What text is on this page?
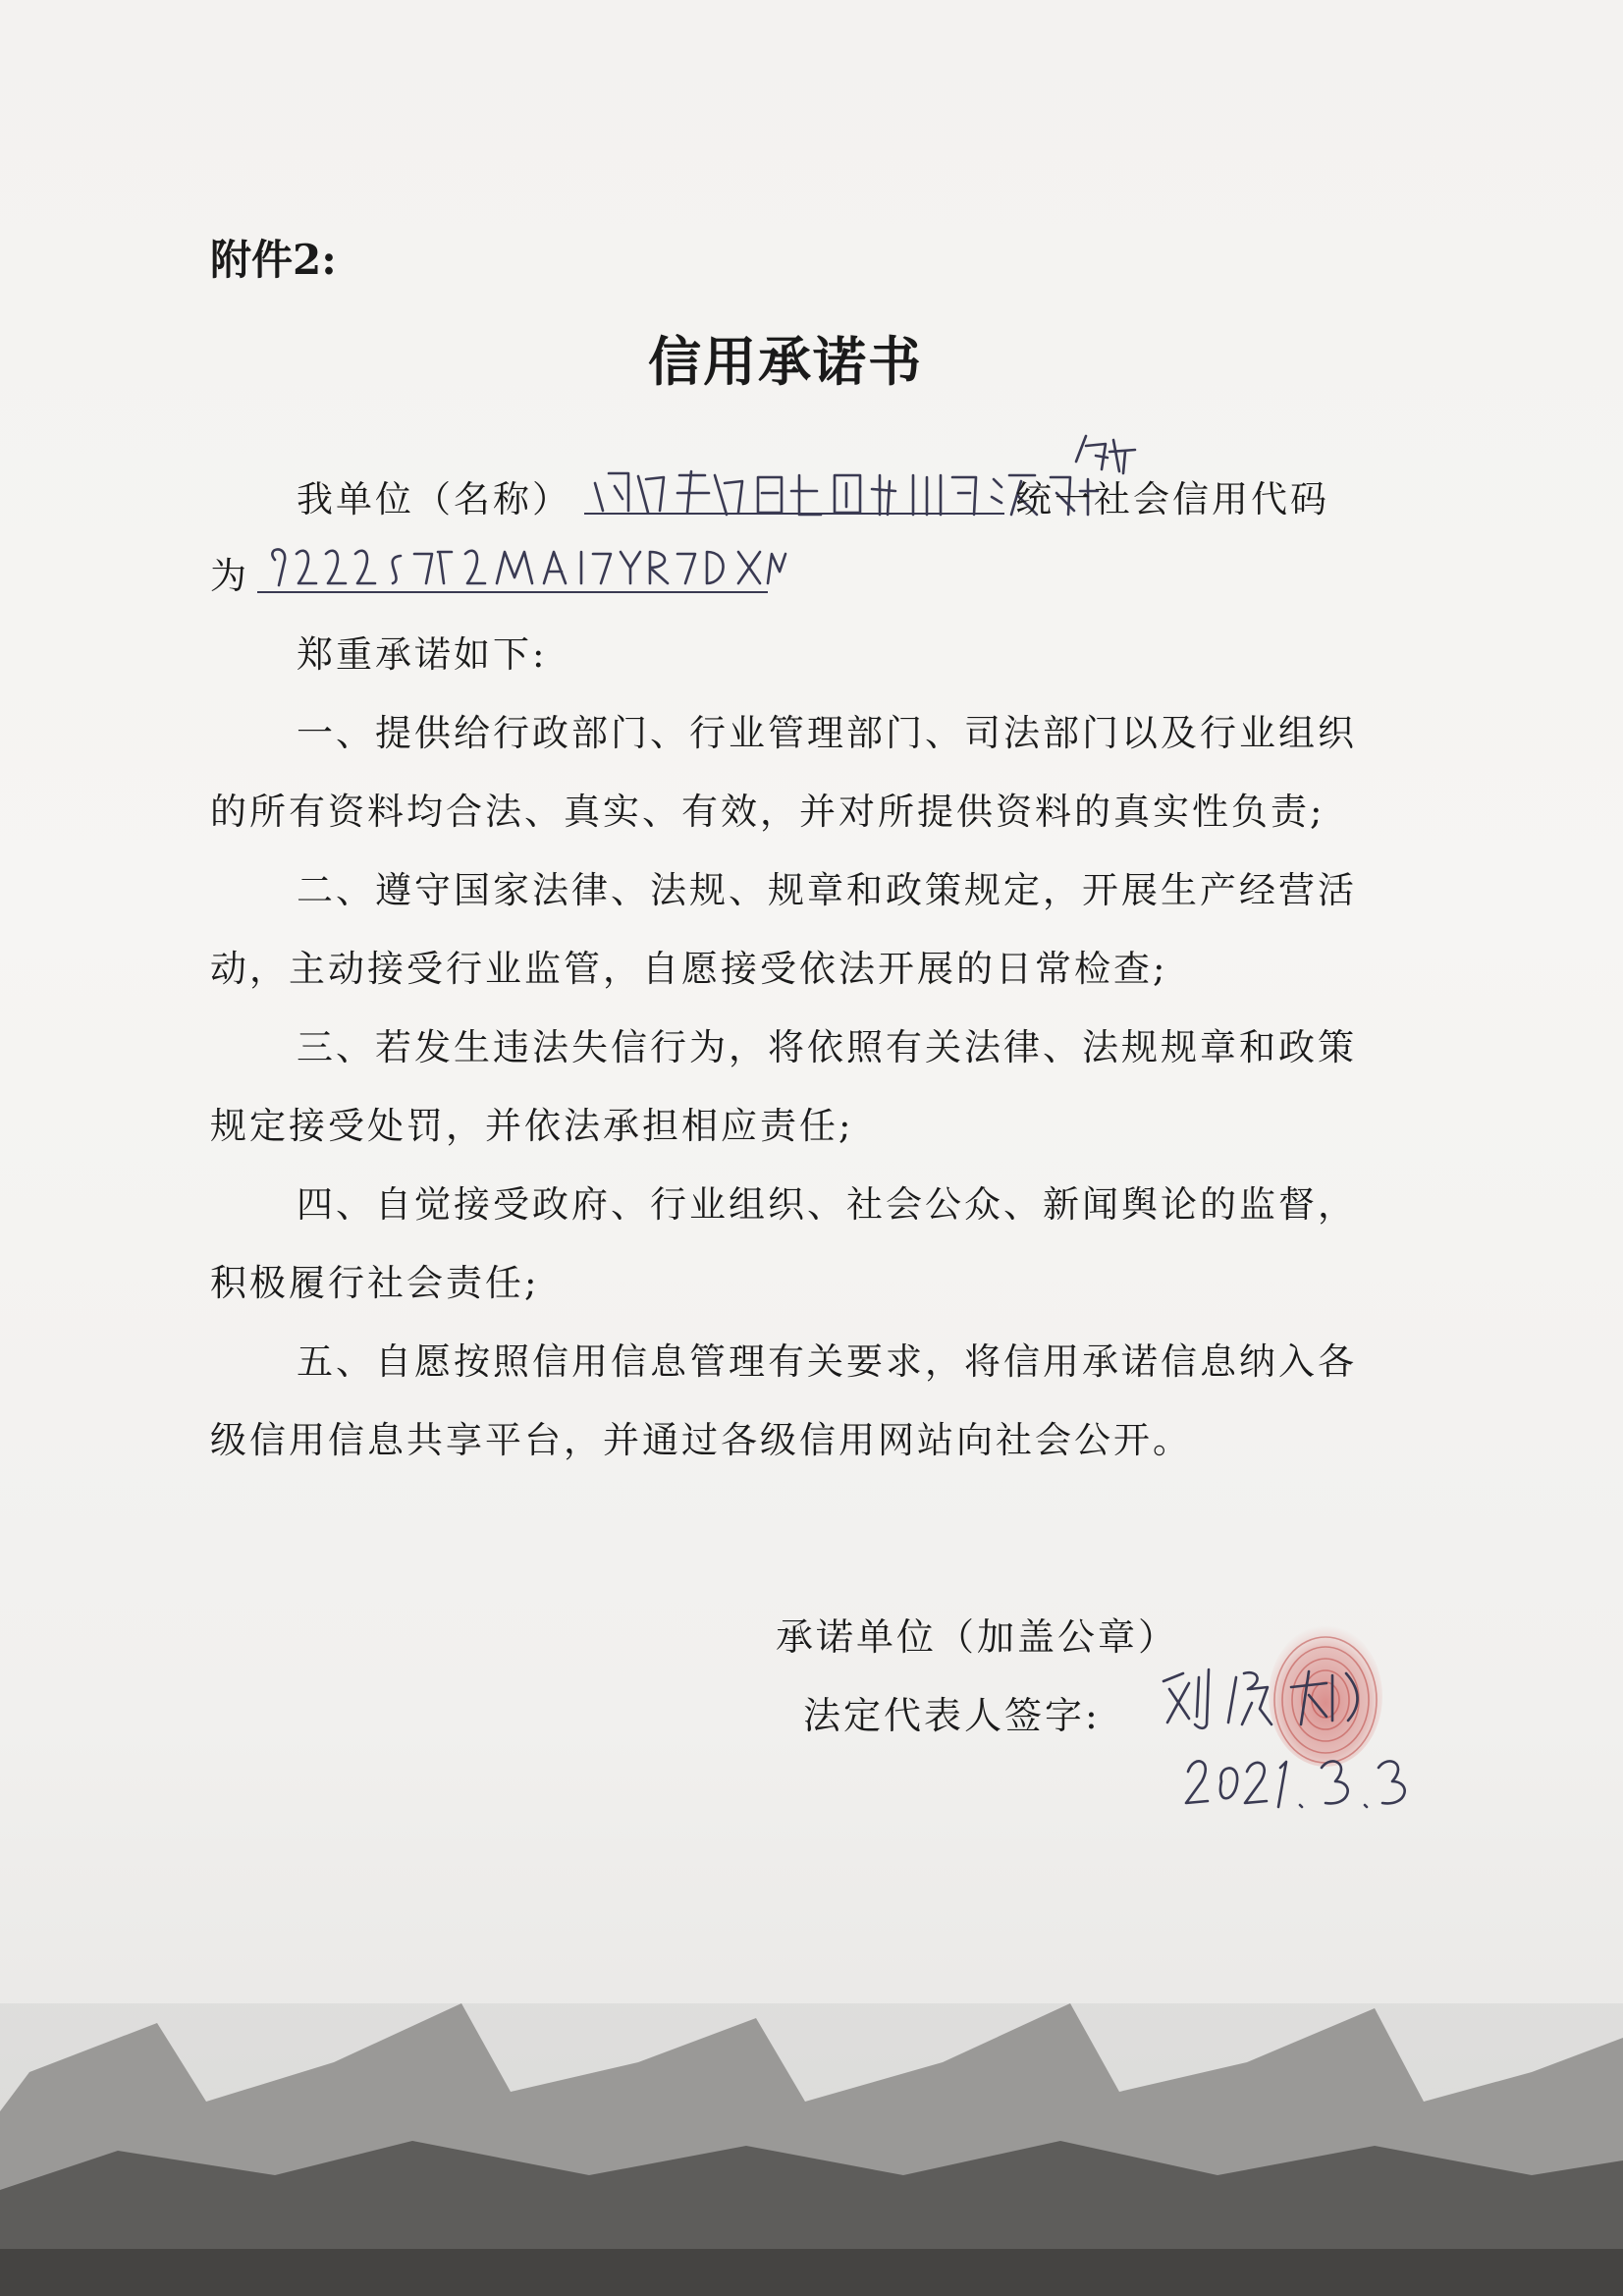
附件2:
信用承诺书
我单位（名称）	统一社会信用代码
为
郑重承诺如下:
一、提供给行政部门、行业管理部门、司法部门以及行业组织
的所有资料均合法、真实、有效，并对所提供资料的真实性负责;
二、遵守国家法律、法规、规章和政策规定，开展生产经营活
动，主动接受行业监管，自愿接受依法开展的日常检查;
三、若发生违法失信行为，将依照有关法律、法规规章和政策
规定接受处罚，并依法承担相应责任;
四、自觉接受政府、行业组织、社会公众、新闻舆论的监督，
积极履行社会责任;
五、自愿按照信用信息管理有关要求，将信用承诺信息纳入各
级信用信息共享平台，并通过各级信用网站向社会公开。
承诺单位（加盖公章）
法定代表人签字:
